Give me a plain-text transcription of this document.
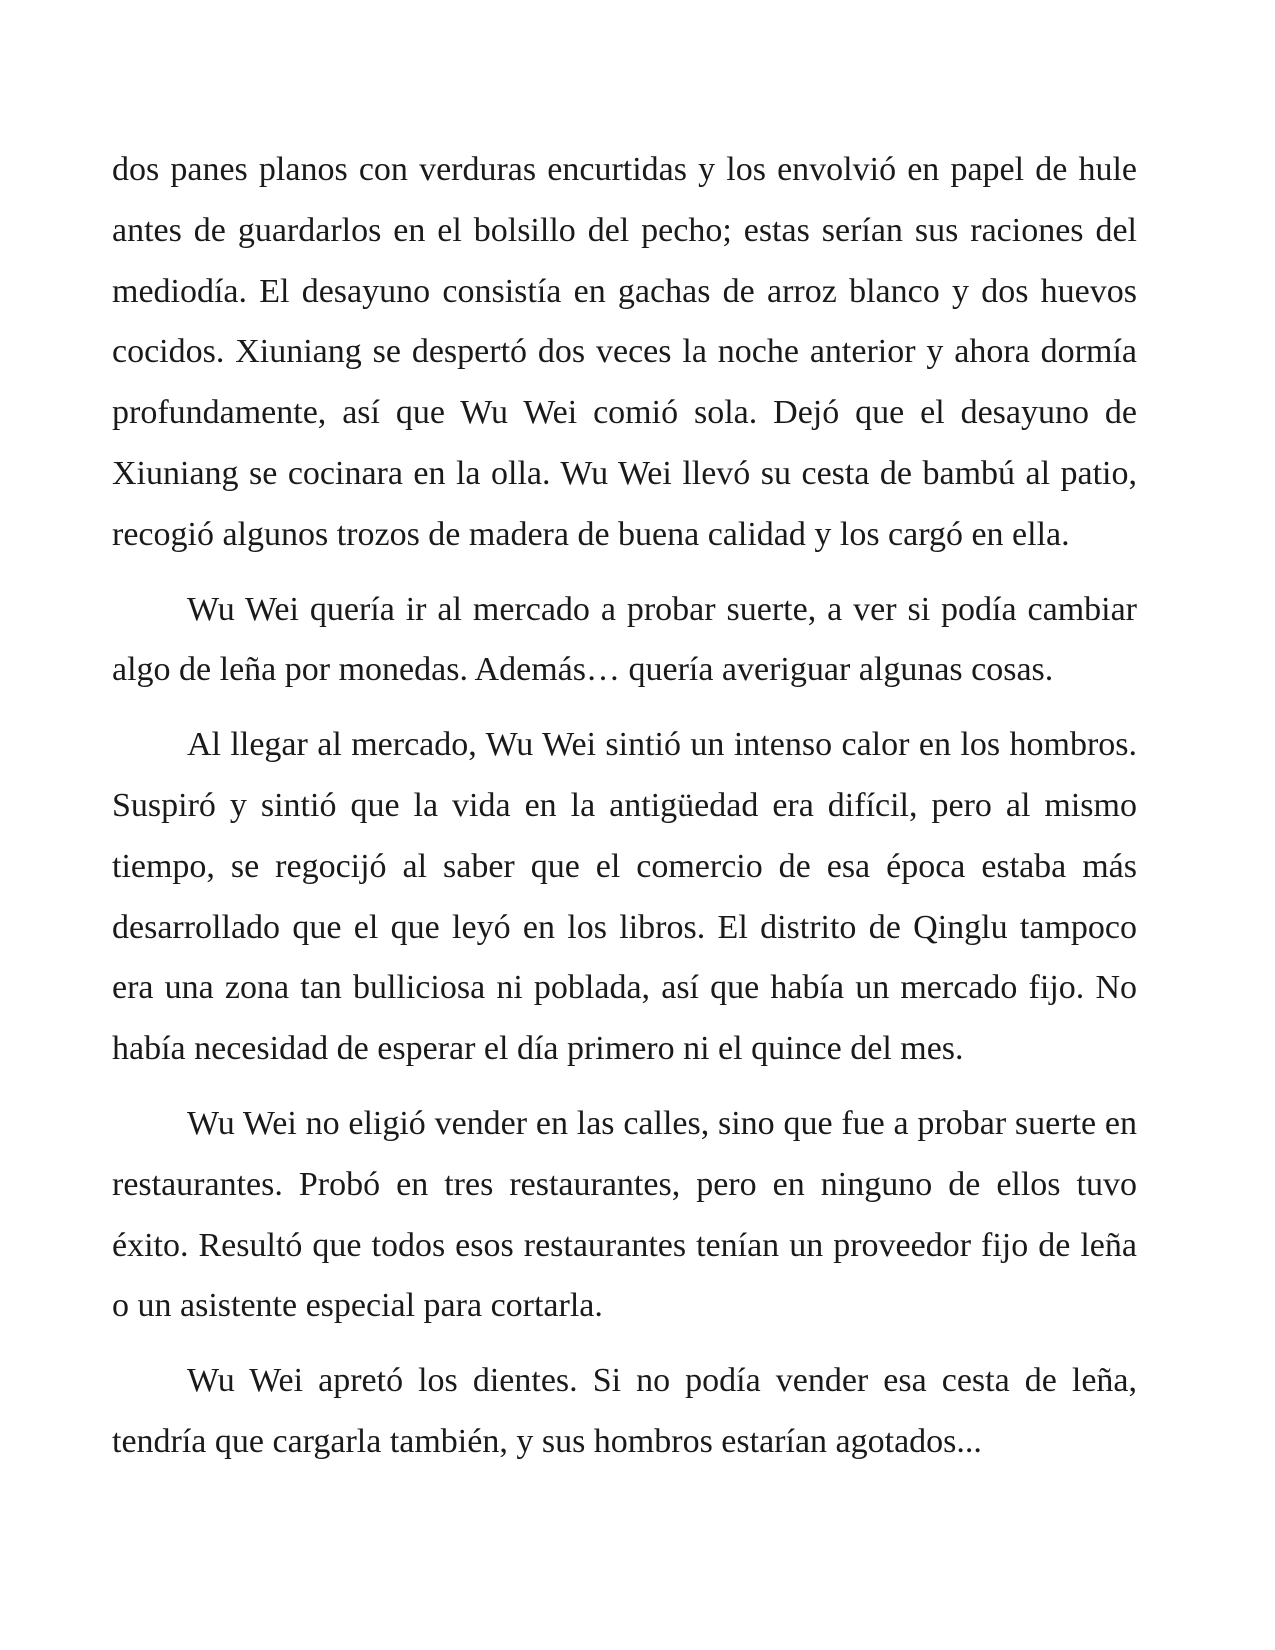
dos panes planos con verduras encurtidas y los envolvió en papel de hule antes de guardarlos en el bolsillo del pecho; estas serían sus raciones del mediodía. El desayuno consistía en gachas de arroz blanco y dos huevos cocidos. Xiuniang se despertó dos veces la noche anterior y ahora dormía profundamente, así que Wu Wei comió sola. Dejó que el desayuno de Xiuniang se cocinara en la olla. Wu Wei llevó su cesta de bambú al patio, recogió algunos trozos de madera de buena calidad y los cargó en ella.

Wu Wei quería ir al mercado a probar suerte, a ver si podía cambiar algo de leña por monedas. Además… quería averiguar algunas cosas.

Al llegar al mercado, Wu Wei sintió un intenso calor en los hombros. Suspiró y sintió que la vida en la antigüedad era difícil, pero al mismo tiempo, se regocijó al saber que el comercio de esa época estaba más desarrollado que el que leyó en los libros. El distrito de Qinglu tampoco era una zona tan bulliciosa ni poblada, así que había un mercado fijo. No había necesidad de esperar el día primero ni el quince del mes.

Wu Wei no eligió vender en las calles, sino que fue a probar suerte en restaurantes. Probó en tres restaurantes, pero en ninguno de ellos tuvo éxito. Resultó que todos esos restaurantes tenían un proveedor fijo de leña o un asistente especial para cortarla.

Wu Wei apretó los dientes. Si no podía vender esa cesta de leña, tendría que cargarla también, y sus hombros estarían agotados...
